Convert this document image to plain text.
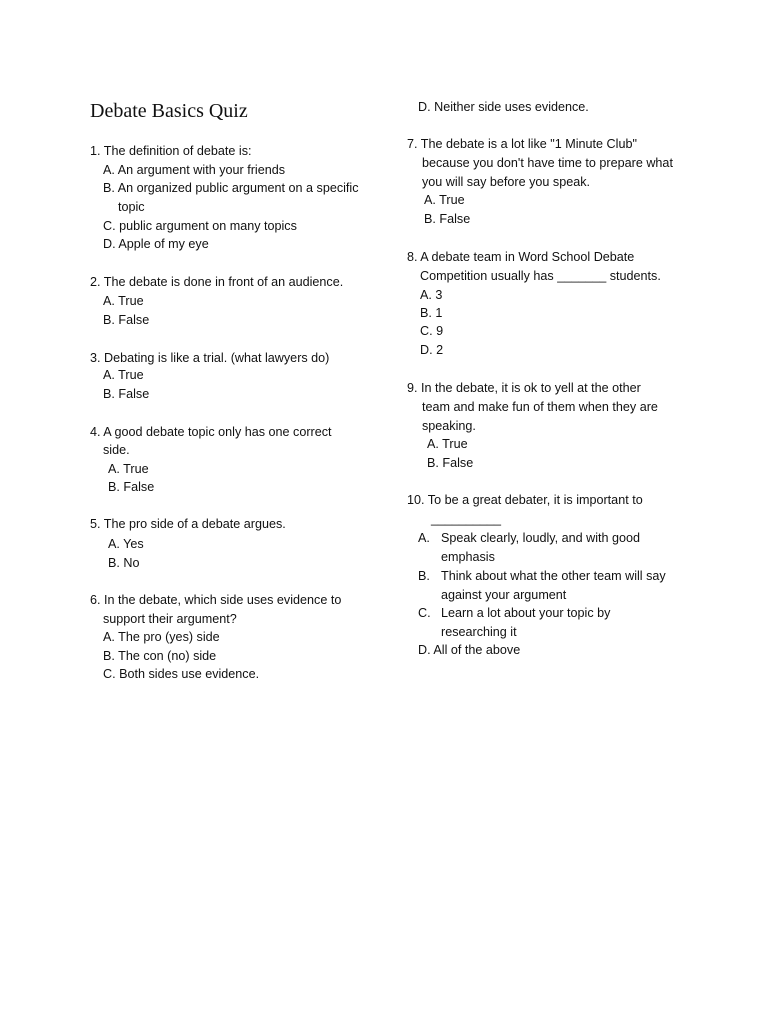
Debate Basics Quiz
1. The definition of debate is:
A. An argument with your friends
B. An organized public argument on a specific
topic
C. public argument on many topics
D. Apple of my eye
2. The debate is done in front of an audience.
A. True
B. False
3. Debating is like a trial. (what lawyers do)
A. True
B. False
4. A good debate topic only has one correct
side.
A. True
B. False
5. The pro side of a debate argues.
A. Yes
B. No
6. In the debate, which side uses evidence to
support their argument?
A. The pro (yes) side
B. The con (no) side
C. Both sides use evidence.
D. Neither side uses evidence.
7. The debate is a lot like "1 Minute Club"
because you don't have time to prepare what
you will say before you speak.
A. True
B. False
8. A debate team in Word School Debate
Competition usually has _______ students.
A. 3
B. 1
C. 9
D. 2
9. In the debate, it is ok to yell at the other
team and make fun of them when they are
speaking.
A. True
B. False
10. To be a great debater, it is important to
__________
A. Speak clearly, loudly, and with good
emphasis
B. Think about what the other team will say
against your argument
C. Learn a lot about your topic by
researching it
D. All of the above
